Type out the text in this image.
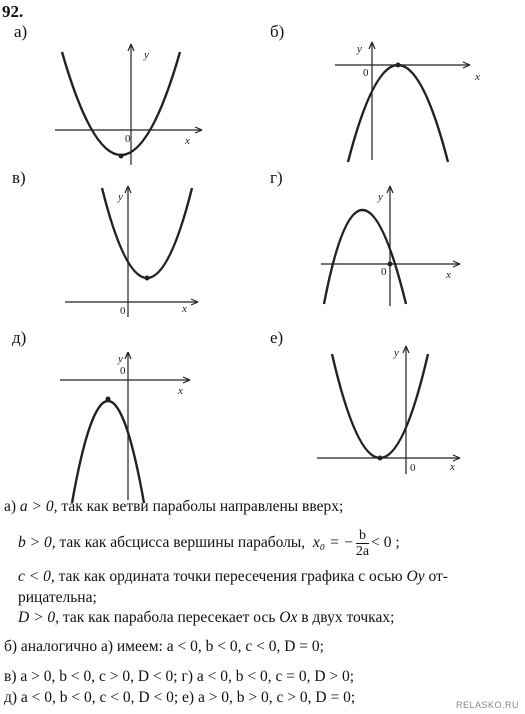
92.
а)
y
x
0
б)
y
x
0
в)
y
x
0
г)
y
x
0
д)
y
x
0
е)
y
x
0
а) a > 0, так как ветви параболы направлены вверх;
b > 0, так как абсцисса вершины параболы, x₀ = − $\frac{b}{2a} < 0$ ;
c < 0, так как ордината точки пересечения графика с осью Oy от-
рицательна;
D > 0, так как парабола пересекает ось Ox в двух точках;
б) аналогично а) имеем: a < 0, b < 0, c < 0, D = 0;
в) a > 0, b < 0, c > 0, D < 0; г) a < 0, b < 0, c = 0, D > 0;
д) a < 0, b < 0, c < 0, D < 0; е) a > 0, b > 0, c > 0, D = 0;	RELASKO.RU
